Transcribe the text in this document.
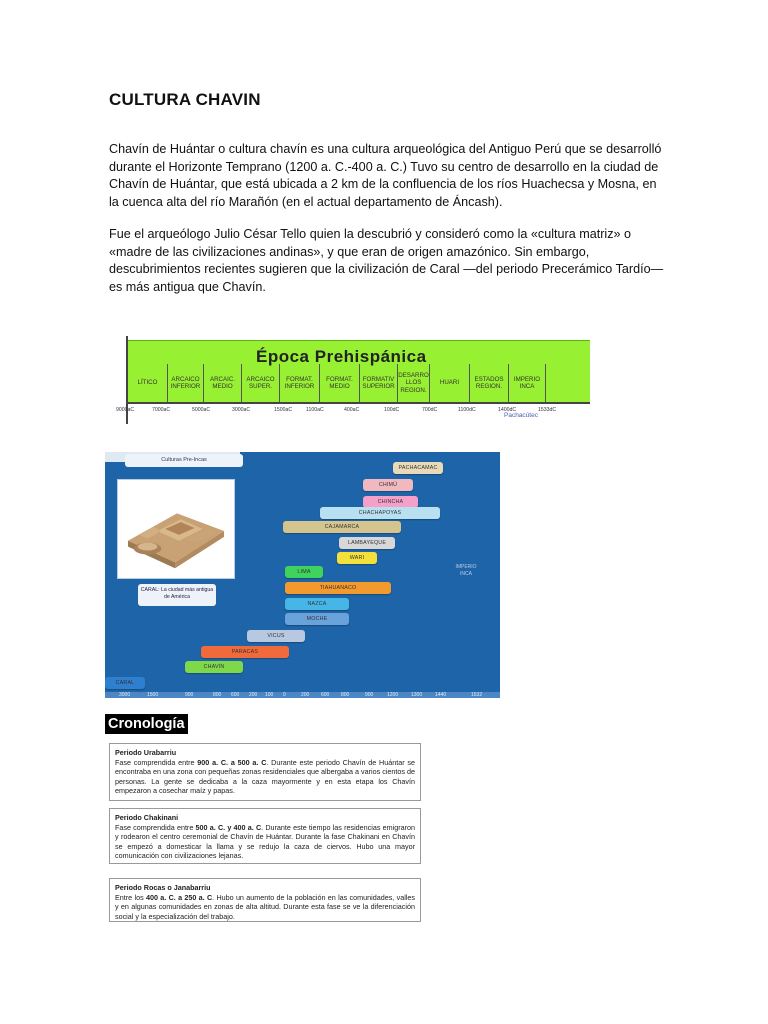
CULTURA CHAVIN
Chavín de Huántar o cultura chavín es una cultura arqueológica del Antiguo Perú que se desarrolló durante el Horizonte Temprano (1200 a. C.-400 a. C.) Tuvo su centro de desarrollo en la ciudad de Chavín de Huántar, que está ubicada a 2 km de la confluencia de los ríos Huachecsa y Mosna, en la cuenca alta del río Marañón (en el actual departamento de Áncash).
Fue el arqueólogo Julio César Tello quien la descubrió y consideró como la «cultura matriz» o «madre de las civilizaciones andinas», y que eran de origen amazónico. Sin embargo, descubrimientos recientes sugieren que la civilización de Caral —del periodo Precerámico Tardío— es más antigua que Chavín.
Época Prehispánica
LÍTICO
ARCAICO
INFERIOR
ARCAIC.
MEDIO
ARCAICO
SUPER.
FORMAT.
INFERIOR
FORMAT.
MEDIO
FORMATIV
SUPERIOR
DESARRO
LLOS REGION.
HUARI
ESTADOS
REGION.
IMPERIO
INCA
9000aC	7000aC	5000aC	3000aC	1500aC	1100aC	400aC	100dC	700dC	1100dC	1400dC	1533dC
Pachacútec
Culturas Pre-Incas
CARAL: La ciudad más antigua de América
IMPERIO INCA
PACHACAMAC
CHIMÚ
CHINCHA
CHACHAPOYAS
CAJAMARCA
LAMBAYEQUE
WARI
LIMA
TIAHUANACO
NAZCA
MOCHE
VICUS
PARACAS
CHAVÍN
CARAL
3000	1500	900	800 600 200 100 0	200 600 800	900	1200	1300	1440	1532
Cronología
Periodo Urabarriu
Fase comprendida entre 900 a. C. a 500 a. C. Durante este periodo Chavín de Huántar se encontraba en una zona con pequeñas zonas residenciales que albergaba a varios cientos de personas. La gente se dedicaba a la caza mayormente y en esta etapa los Chavín empezaron a cosechar maíz y papas.
Periodo Chakinani
Fase comprendida entre 500 a. C. y 400 a. C. Durante este tiempo las residencias emigraron y rodearon el centro ceremonial de Chavín de Huántar. Durante la fase Chakinani en Chavín se empezó a domesticar la llama y se redujo la caza de ciervos. Hubo una mayor comunicación con civilizaciones lejanas.
Periodo Rocas o Janabarriu
Entre los 400 a. C. a 250 a. C. Hubo un aumento de la población en las comunidades, valles y en algunas comunidades en zonas de alta altitud. Durante esta fase se ve la diferenciación social y la especialización del trabajo.
